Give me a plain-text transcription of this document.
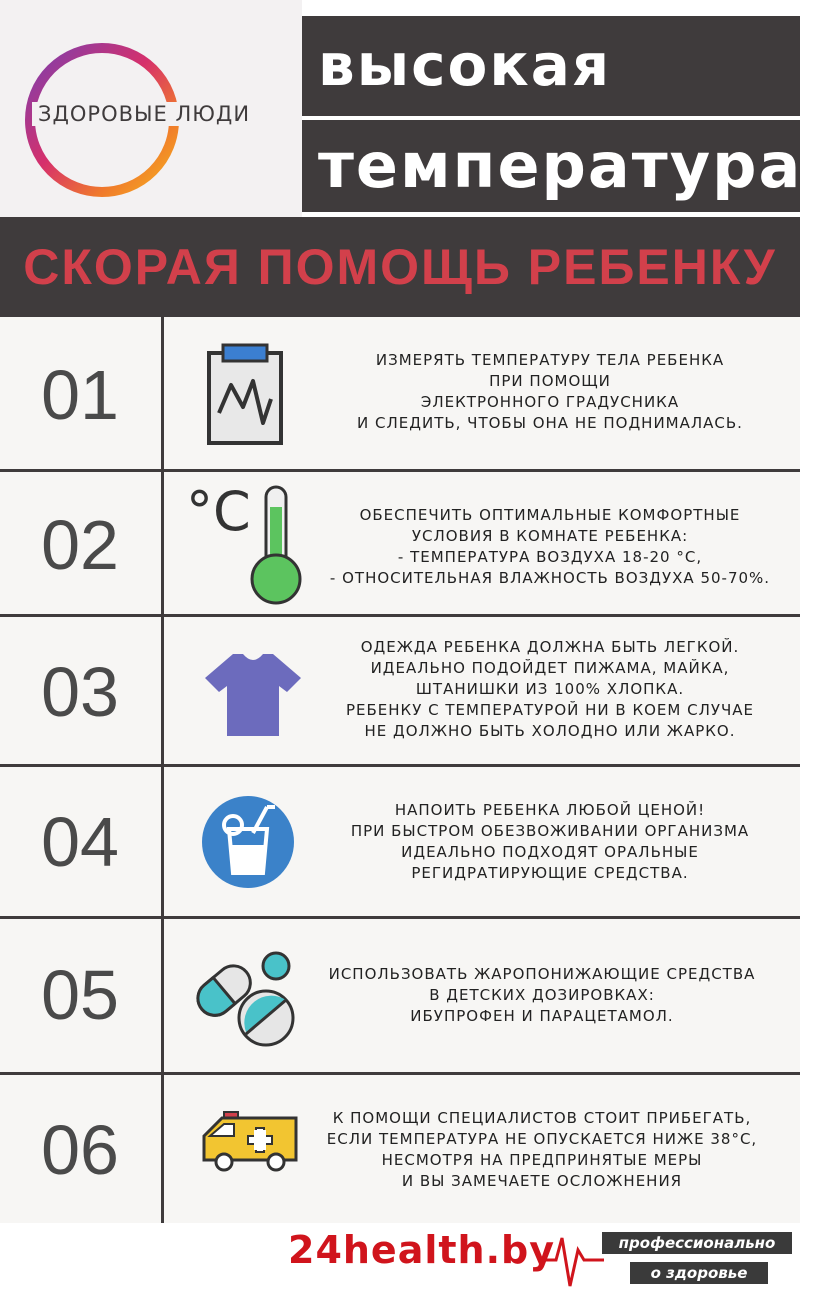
ЗДОРОВЫЕ ЛЮДИ
высокая
температура
СКОРАЯ ПОМОЩЬ РЕБЕНКУ
01
02
03
04
05
06
ИЗМЕРЯТЬ ТЕМПЕРАТУРУ ТЕЛА РЕБЕНКА
ПРИ ПОМОЩИ
ЭЛЕКТРОННОГО ГРАДУСНИКА
И СЛЕДИТЬ, ЧТОБЫ ОНА НЕ ПОДНИМАЛАСЬ.
ОБЕСПЕЧИТЬ ОПТИМАЛЬНЫЕ КОМФОРТНЫЕ
УСЛОВИЯ В КОМНАТЕ РЕБЕНКА:
- ТЕМПЕРАТУРА ВОЗДУХА 18-20 °С,
- ОТНОСИТЕЛЬНАЯ ВЛАЖНОСТЬ ВОЗДУХА 50-70%.
ОДЕЖДА РЕБЕНКА ДОЛЖНА БЫТЬ ЛЕГКОЙ.
ИДЕАЛЬНО ПОДОЙДЕТ ПИЖАМА, МАЙКА,
ШТАНИШКИ ИЗ 100% ХЛОПКА.
РЕБЕНКУ С ТЕМПЕРАТУРОЙ НИ В КОЕМ СЛУЧАЕ
НЕ ДОЛЖНО БЫТЬ ХОЛОДНО ИЛИ ЖАРКО.
НАПОИТЬ РЕБЕНКА ЛЮБОЙ ЦЕНОЙ!
ПРИ БЫСТРОМ ОБЕЗВОЖИВАНИИ ОРГАНИЗМА
ИДЕАЛЬНО ПОДХОДЯТ ОРАЛЬНЫЕ
РЕГИДРАТИРУЮЩИЕ СРЕДСТВА.
ИСПОЛЬЗОВАТЬ ЖАРОПОНИЖАЮЩИЕ СРЕДСТВА
В ДЕТСКИХ ДОЗИРОВКАХ:
ИБУПРОФЕН И ПАРАЦЕТАМОЛ.
К ПОМОЩИ СПЕЦИАЛИСТОВ СТОИТ ПРИБЕГАТЬ,
ЕСЛИ ТЕМПЕРАТУРА НЕ ОПУСКАЕТСЯ НИЖЕ 38°С,
НЕСМОТРЯ НА ПРЕДПРИНЯТЫЕ МЕРЫ
И ВЫ ЗАМЕЧАЕТЕ ОСЛОЖНЕНИЯ
°C
24health.by	профессионально
о здоровье
